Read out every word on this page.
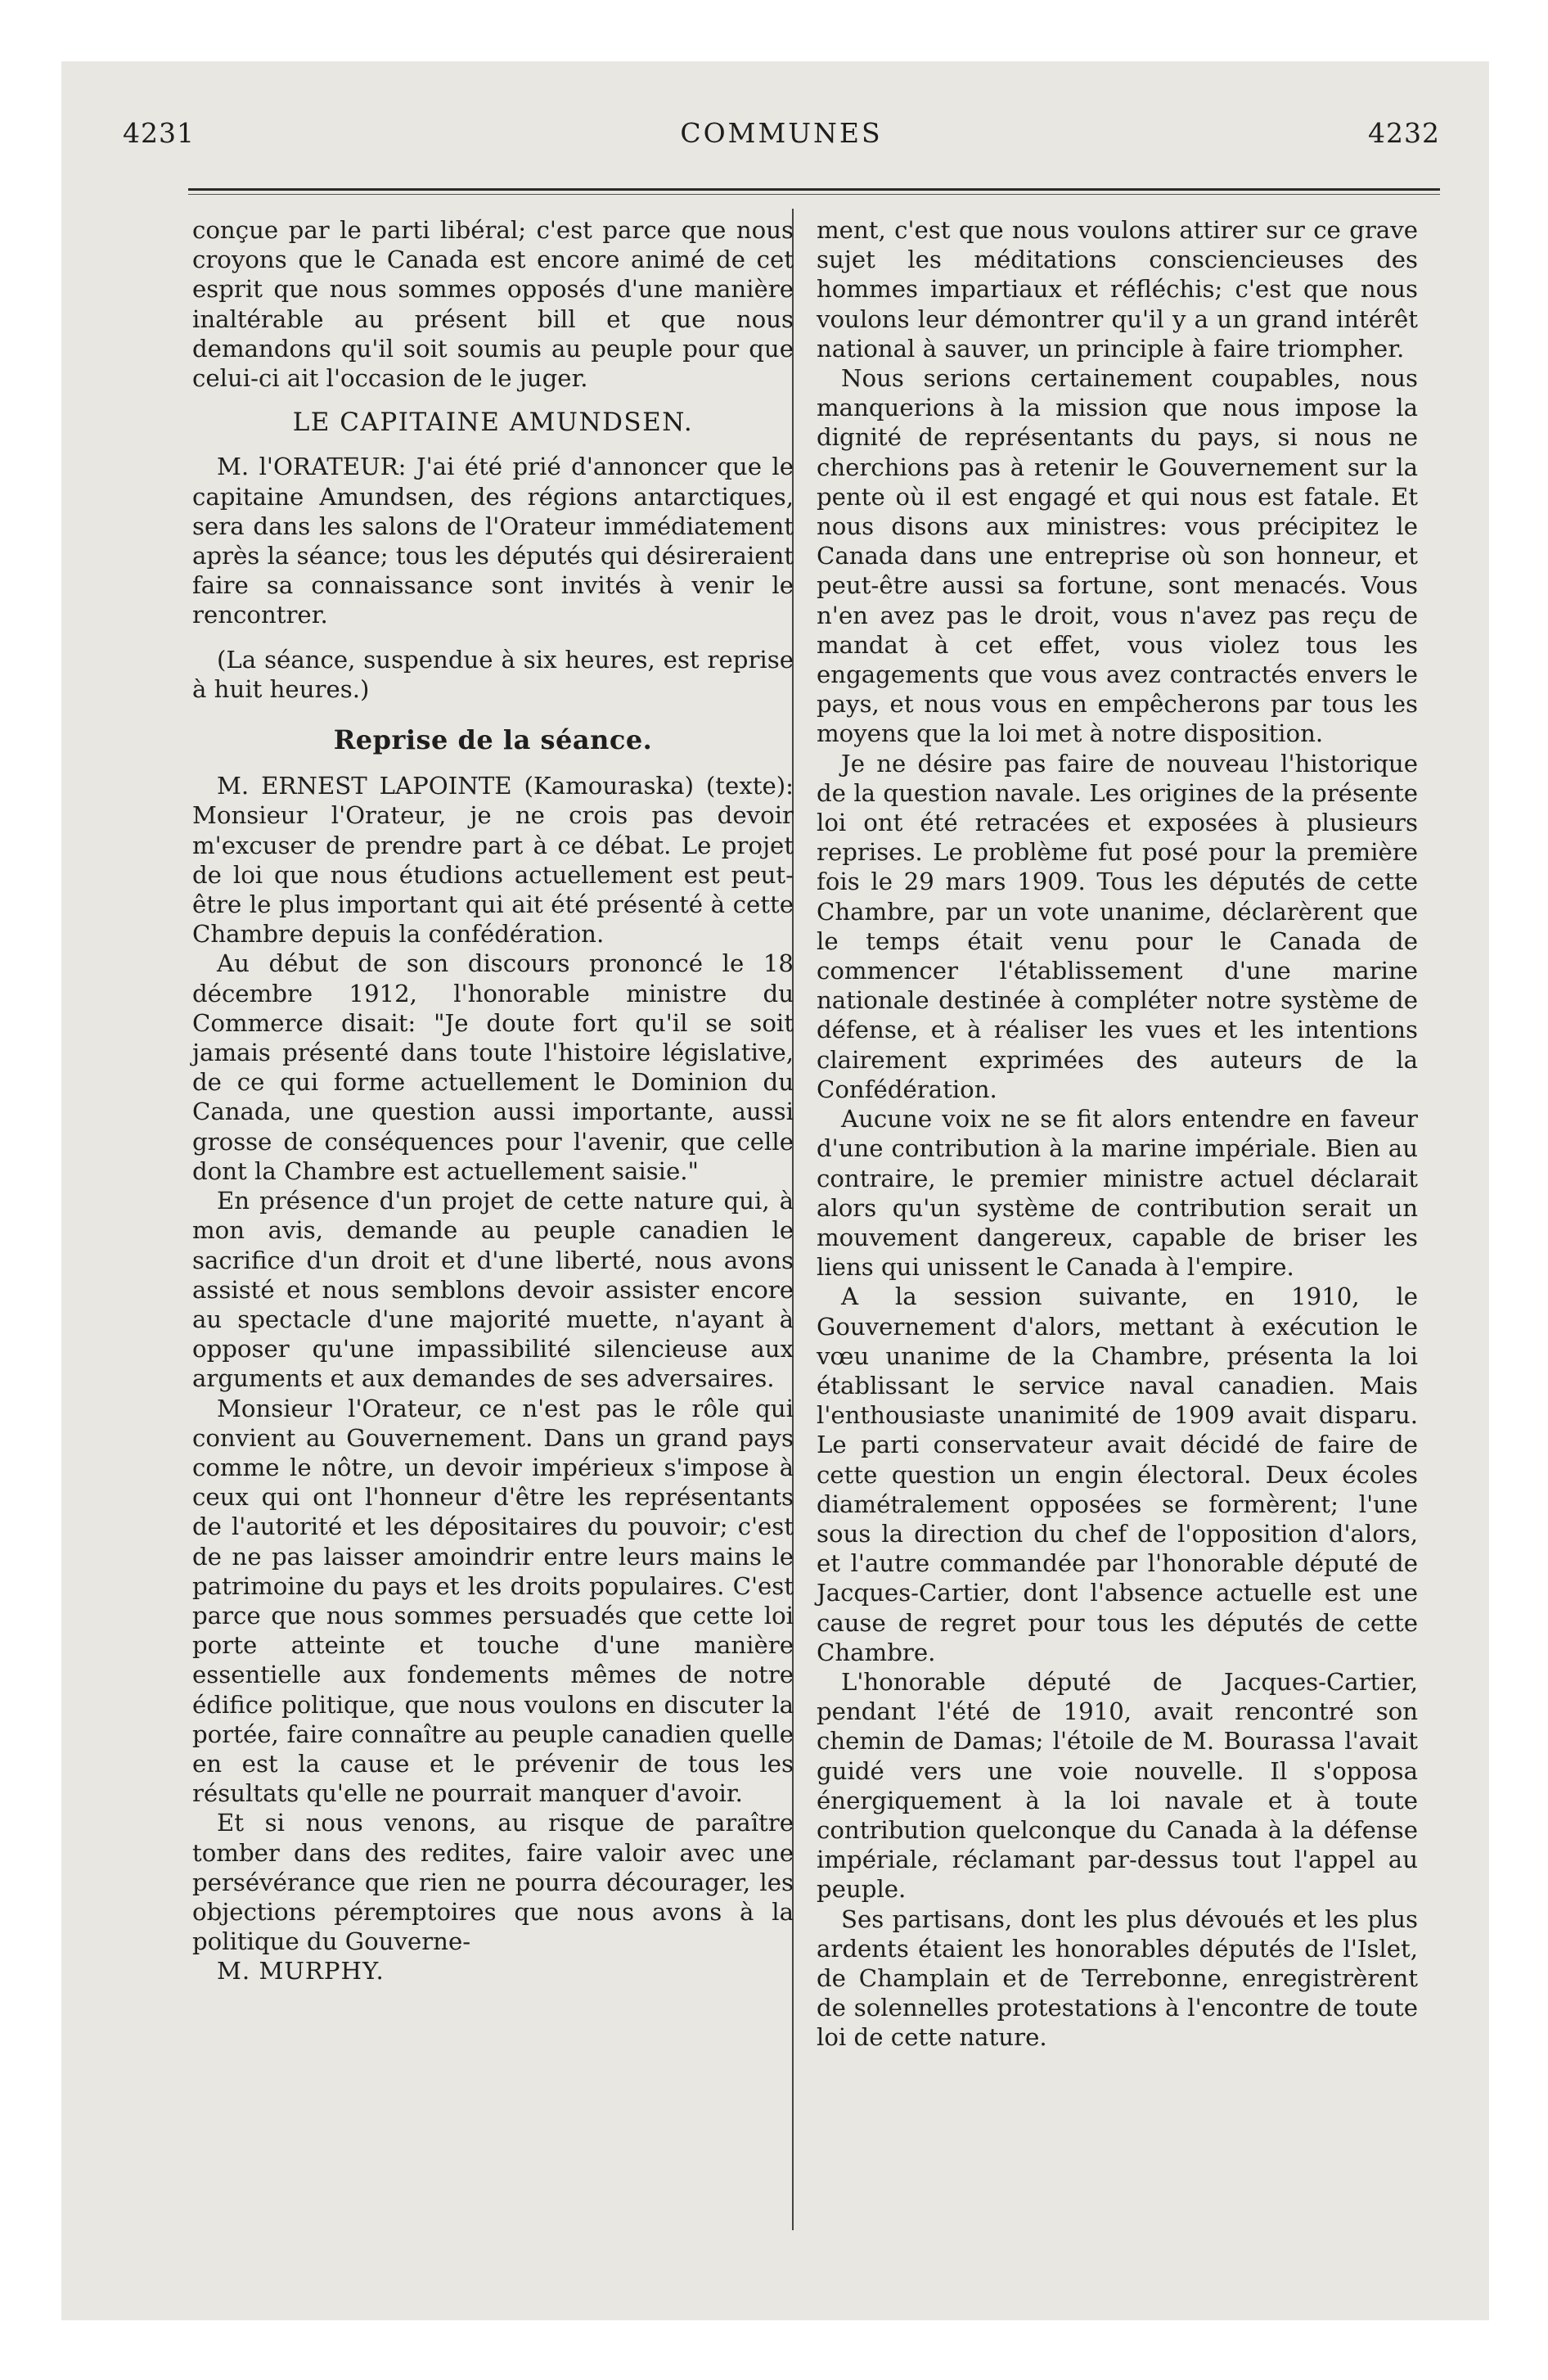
4231	COMMUNES	4232

conçue par le parti libéral; c'est parce que nous croyons que le Canada est encore animé de cet esprit que nous sommes opposés d'une manière inaltérable au présent bill et que nous demandons qu'il soit soumis au peuple pour que celui-ci ait l'occasion de le juger.

LE CAPITAINE AMUNDSEN.

M. l'ORATEUR: J'ai été prié d'annoncer que le capitaine Amundsen, des régions antarctiques, sera dans les salons de l'Orateur immédiatement après la séance; tous les députés qui désireraient faire sa connaissance sont invités à venir le rencontrer.

(La séance, suspendue à six heures, est reprise à huit heures.)

Reprise de la séance.

M. ERNEST LAPOINTE (Kamouraska) (texte): Monsieur l'Orateur, je ne crois pas devoir m'excuser de prendre part à ce débat. Le projet de loi que nous étudions actuellement est peut-être le plus important qui ait été présenté à cette Chambre depuis la confédération.

Au début de son discours prononcé le 18 décembre 1912, l'honorable ministre du Commerce disait: "Je doute fort qu'il se soit jamais présenté dans toute l'histoire législative, de ce qui forme actuellement le Dominion du Canada, une question aussi importante, aussi grosse de conséquences pour l'avenir, que celle dont la Chambre est actuellement saisie."

En présence d'un projet de cette nature qui, à mon avis, demande au peuple canadien le sacrifice d'un droit et d'une liberté, nous avons assisté et nous semblons devoir assister encore au spectacle d'une majorité muette, n'ayant à opposer qu'une impassibilité silencieuse aux arguments et aux demandes de ses adversaires.

Monsieur l'Orateur, ce n'est pas le rôle qui convient au Gouvernement. Dans un grand pays comme le nôtre, un devoir impérieux s'impose à ceux qui ont l'honneur d'être les représentants de l'autorité et les dépositaires du pouvoir; c'est de ne pas laisser amoindrir entre leurs mains le patrimoine du pays et les droits populaires. C'est parce que nous sommes persuadés que cette loi porte atteinte et touche d'une manière essentielle aux fondements mêmes de notre édifice politique, que nous voulons en discuter la portée, faire connaître au peuple canadien quelle en est la cause et le prévenir de tous les résultats qu'elle ne pourrait manquer d'avoir.

Et si nous venons, au risque de paraître tomber dans des redites, faire valoir avec une persévérance que rien ne pourra décourager, les objections péremptoires que nous avons à la politique du Gouverne-

M. MURPHY.

ment, c'est que nous voulons attirer sur ce grave sujet les méditations consciencieuses des hommes impartiaux et réfléchis; c'est que nous voulons leur démontrer qu'il y a un grand intérêt national à sauver, un principle à faire triompher.

Nous serions certainement coupables, nous manquerions à la mission que nous impose la dignité de représentants du pays, si nous ne cherchions pas à retenir le Gouvernement sur la pente où il est engagé et qui nous est fatale. Et nous disons aux ministres: vous précipitez le Canada dans une entreprise où son honneur, et peut-être aussi sa fortune, sont menacés. Vous n'en avez pas le droit, vous n'avez pas reçu de mandat à cet effet, vous violez tous les engagements que vous avez contractés envers le pays, et nous vous en empêcherons par tous les moyens que la loi met à notre disposition.

Je ne désire pas faire de nouveau l'historique de la question navale. Les origines de la présente loi ont été retracées et exposées à plusieurs reprises. Le problème fut posé pour la première fois le 29 mars 1909. Tous les députés de cette Chambre, par un vote unanime, déclarèrent que le temps était venu pour le Canada de commencer l'établissement d'une marine nationale destinée à compléter notre système de défense, et à réaliser les vues et les intentions clairement exprimées des auteurs de la Confédération.

Aucune voix ne se fit alors entendre en faveur d'une contribution à la marine impériale. Bien au contraire, le premier ministre actuel déclarait alors qu'un système de contribution serait un mouvement dangereux, capable de briser les liens qui unissent le Canada à l'empire.

A la session suivante, en 1910, le Gouvernement d'alors, mettant à exécution le vœu unanime de la Chambre, présenta la loi établissant le service naval canadien. Mais l'enthousiaste unanimité de 1909 avait disparu. Le parti conservateur avait décidé de faire de cette question un engin électoral. Deux écoles diamétralement opposées se formèrent; l'une sous la direction du chef de l'opposition d'alors, et l'autre commandée par l'honorable député de Jacques-Cartier, dont l'absence actuelle est une cause de regret pour tous les députés de cette Chambre.

L'honorable député de Jacques-Cartier, pendant l'été de 1910, avait rencontré son chemin de Damas; l'étoile de M. Bourassa l'avait guidé vers une voie nouvelle. Il s'opposa énergiquement à la loi navale et à toute contribution quelconque du Canada à la défense impériale, réclamant par-dessus tout l'appel au peuple.

Ses partisans, dont les plus dévoués et les plus ardents étaient les honorables députés de l'Islet, de Champlain et de Terrebonne, enregistrèrent de solennelles protestations à l'encontre de toute loi de cette nature.
